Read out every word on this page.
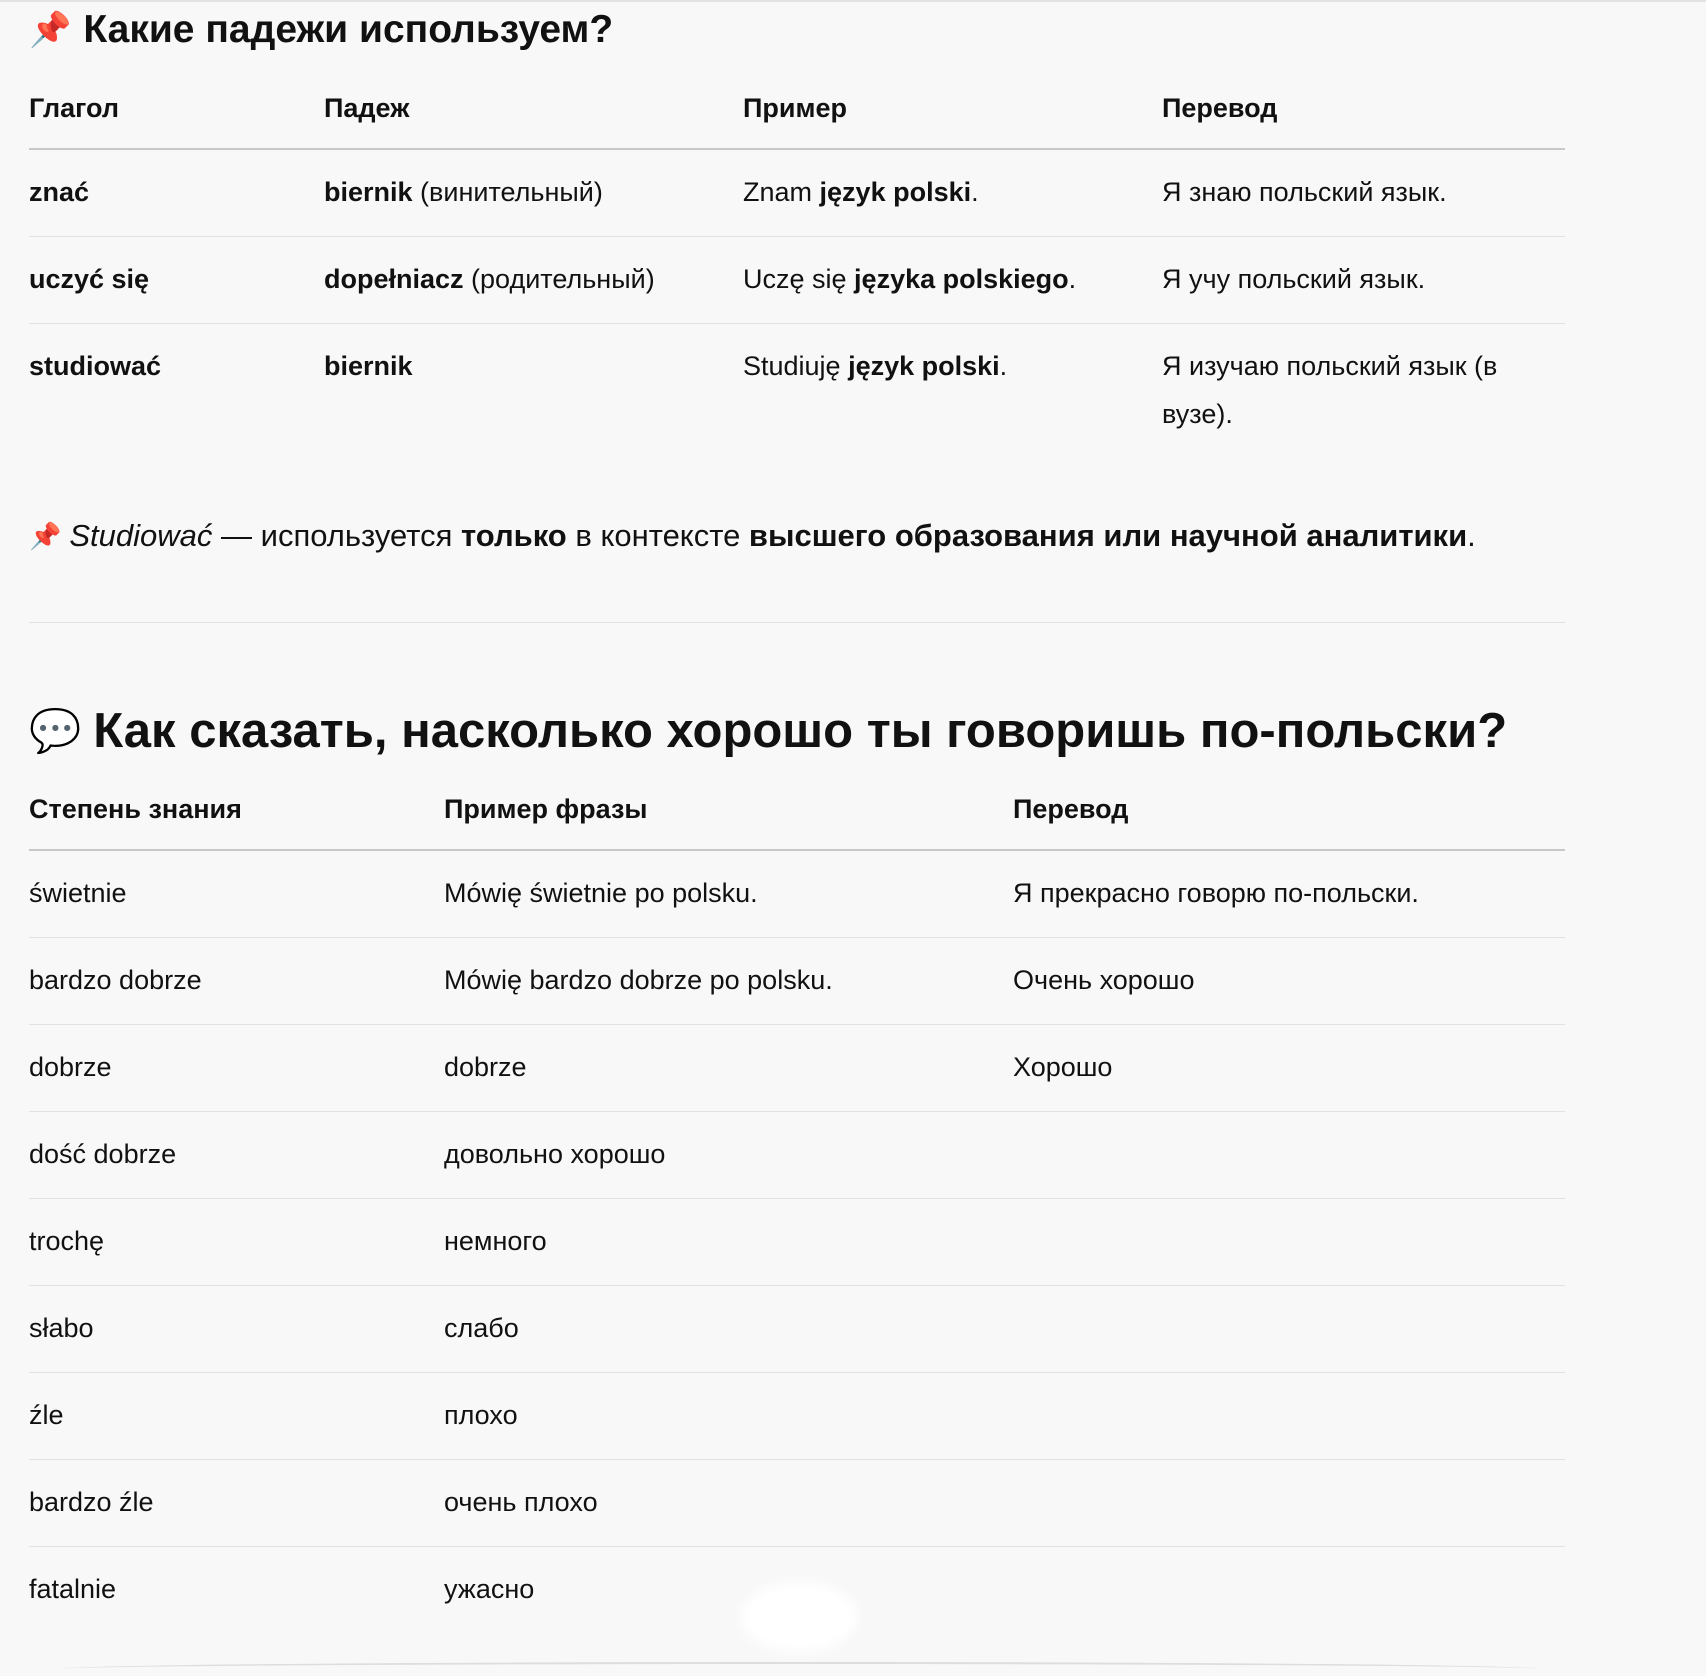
📌 Какие падежи используем?
Глагол	Падеж	Пример	Перевод

znać	biernik (винительный)	Znam język polski.	Я знаю польский язык.

uczyć się	dopełniacz (родительный)	Uczę się języka polskiego.	Я учу польский язык.

studiować	biernik	Studiuję język polski.	Я изучаю польский язык (в вузе).
📌 Studiować — используется только в контексте высшего образования или научной аналитики.
💬 Как сказать, насколько хорошо ты говоришь по-польски?
Степень знания	Пример фразы	Перевод

świetnie	Mówię świetnie po polsku.	Я прекрасно говорю по-польски.

bardzo dobrze	Mówię bardzo dobrze po polsku.	Очень хорошо

dobrze	dobrze	Хорошо

dość dobrze	довольно хорошо	

trochę	немного	

słabo	слабо	

źle	плохо	

bardzo źle	очень плохо	

fatalnie	ужасно	
